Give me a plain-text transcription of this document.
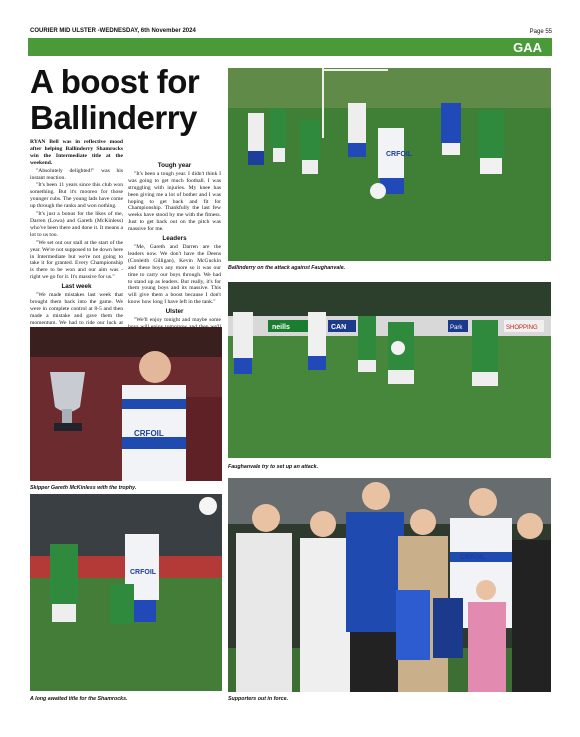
COURIER MID ULSTER -WEDNESDAY, 6th November 2024	Page 55
GAA
A boost for Ballinderry

RYAN Bell was in reflective mood after helping Ballinderry Shamrocks win the Intermediate title at the weekend.

"Absolutely delighted!" was his instant reaction.

"It's been 11 years since this club won something. But it's mooreo for those younger cubs. The young lads have come up through the ranks and won nothing.

"It's just a bonus for the likes of me, Darren (Lowa) and Gareth (McKinless) who've been there and done it. It means a lot to us too.

"We set out our stall at the start of the year. We're not supposed to be down here in Intermediate but we're not going to take it for granted. Every Championship is there to be won and our aim was - right we go for it. It's massive for us."

Last week

"We made mistakes last week that brought them back into the game. We were in complete control at 8-5 and then made a mistake and gave them the momentum. We had to ride our luck at

Tough year

"It's been a tough year. I didn't think I was going to get much football. I was struggling with injuries. My knee has been giving me a lot of bother and I was hoping to get back and fit for Championship. Thankfully the last few weeks have stood by me with the fitness. Just to get back out on the pitch was massive for me.

Leaders

"Me, Gareth and Darren are the leaders now. We don't have the Deens (Conleith Gilligan), Kevin McGuckin and these boys any more so it was our time to carry our boys through. We had to stand up as leaders. But really, it's for them young boys and its massive. This will give them a boost because I don't know how long I have left in the tank."

Ulster

"We'll enjoy tonight and maybe some

CRFOIL
Ballinderry on the attack against Faughanvale.
CRFOIL
Skipper Gareth McKinless with the trophy.
neills	CAN	Park	SHOPPING
Faughanvale try to set up an attack.
CRFOIL
A long awaited title for the Shamrocks.
CRFOIL
Supporters out in force.
